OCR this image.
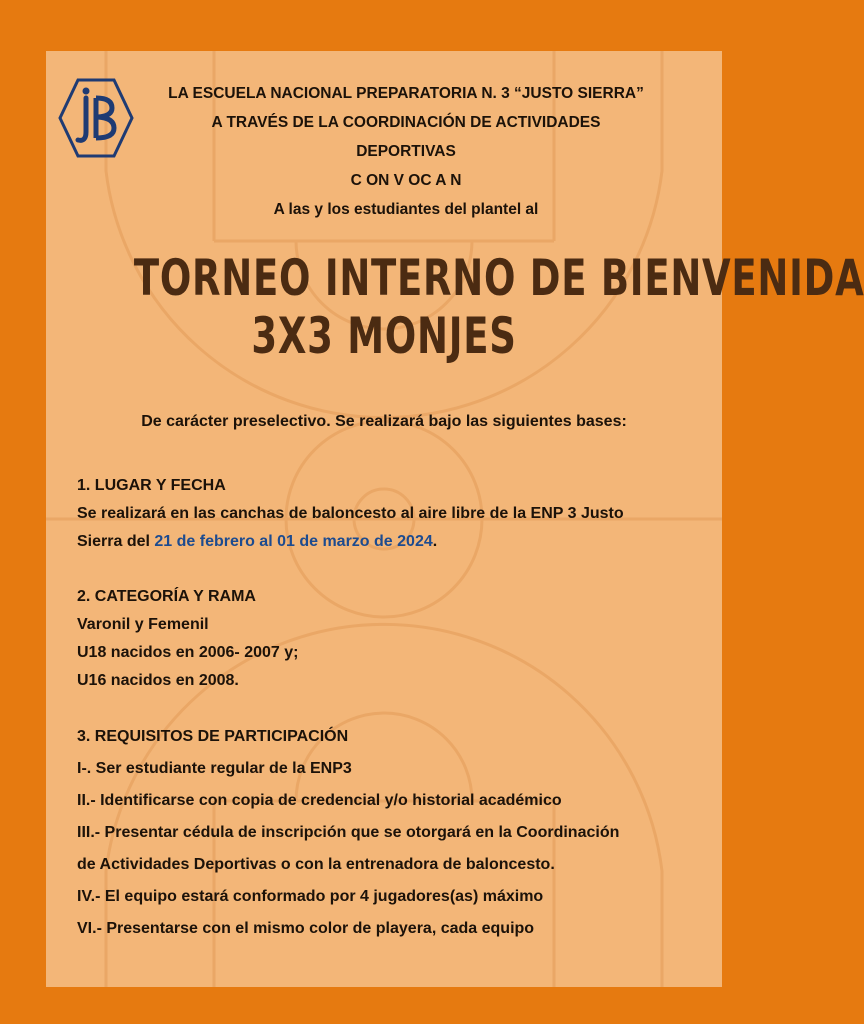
LA ESCUELA NACIONAL PREPARATORIA N. 3 “JUSTO SIERRA”
A TRAVÉS DE LA COORDINACIÓN DE ACTIVIDADES
DEPORTIVAS
C ON V OC A N
A las y los estudiantes del plantel al
TORNEO INTERNO DE BIENVENIDA
3X3 MONJES
De carácter preselectivo. Se realizará bajo las siguientes bases:
1. LUGAR Y FECHA
Se realizará en las canchas de baloncesto al aire libre de la ENP 3 Justo
Sierra del 21 de febrero al 01 de marzo de 2024.
2. CATEGORÍA Y RAMA
Varonil y Femenil
U18 nacidos en 2006- 2007 y;
U16 nacidos en 2008.
3. REQUISITOS DE PARTICIPACIÓN
I-. Ser estudiante regular de la ENP3
II.- Identificarse con copia de credencial y/o historial académico
III.- Presentar cédula de inscripción que se otorgará en la Coordinación
de Actividades Deportivas o con la entrenadora de baloncesto.
IV.- El equipo estará conformado por 4 jugadores(as) máximo
VI.- Presentarse con el mismo color de playera, cada equipo
